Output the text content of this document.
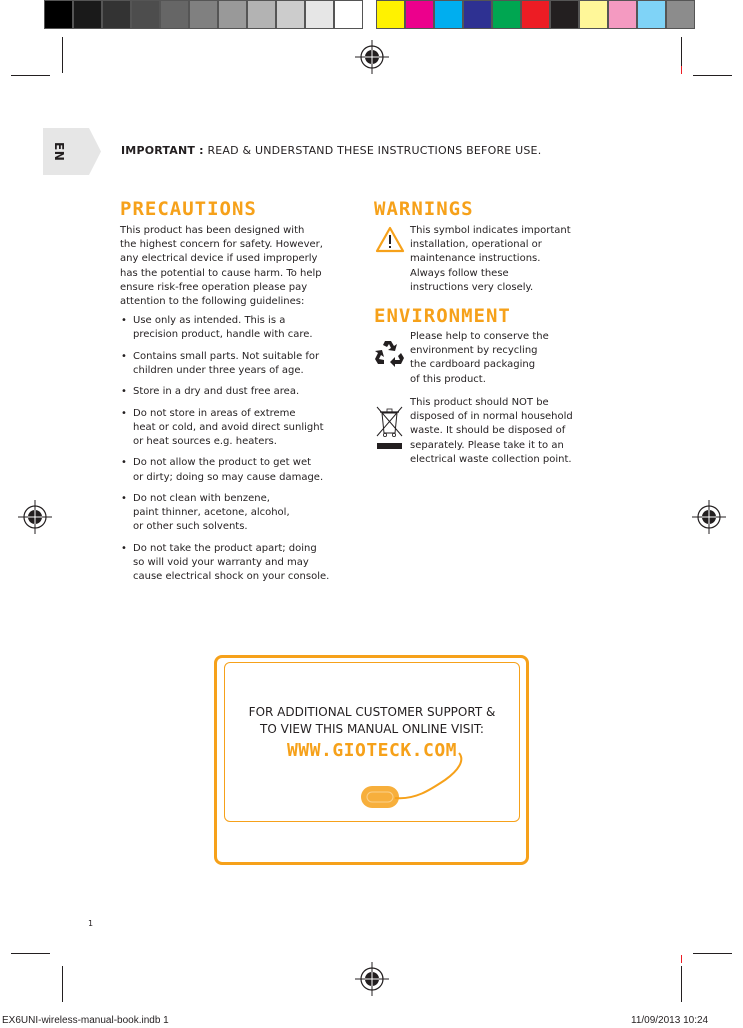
EN	IMPORTANT : READ & UNDERSTAND THESE INSTRUCTIONS BEFORE USE.
PRECAUTIONS
This product has been designed with
the highest concern for safety. However,
any electrical device if used improperly
has the potential to cause harm. To help
ensure risk-free operation please pay
attention to the following guidelines:
• Use only as intended. This is a
precision product, handle with care.
• Contains small parts. Not suitable for
children under three years of age.
• Store in a dry and dust free area.
• Do not store in areas of extreme
heat or cold, and avoid direct sunlight
or heat sources e.g. heaters.
• Do not allow the product to get wet
or dirty; doing so may cause damage.
• Do not clean with benzene,
paint thinner, acetone, alcohol,
or other such solvents.
• Do not take the product apart; doing
so will void your warranty and may
cause electrical shock on your console.
WARNINGS
This symbol indicates important
installation, operational or
maintenance instructions.
Always follow these
instructions very closely.
ENVIRONMENT
Please help to conserve the
environment by recycling
the cardboard packaging
of this product.
This product should NOT be
disposed of in normal household
waste. It should be disposed of
separately. Please take it to an
electrical waste collection point.
FOR ADDITIONAL CUSTOMER SUPPORT &
TO VIEW THIS MANUAL ONLINE VISIT:
WWW.GIOTECK.COM
1
EX6UNI-wireless-manual-book.indb 1	11/09/2013 10:24
